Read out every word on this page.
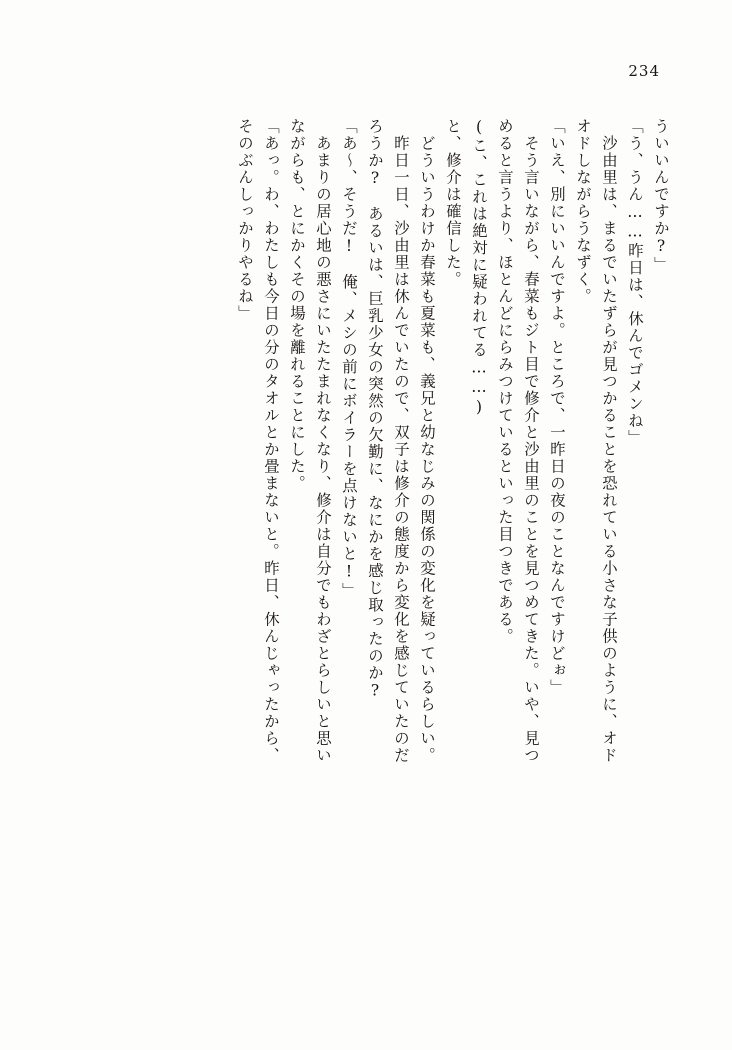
234
ういいんですか?」
「う、うん……昨日は、休んでゴメンね」
　沙由里は、まるでいたずらが見つかることを恐れている小さな子供のように、オド
オドしながらうなずく。
「いえ、別にいいんですよ。ところで、一昨日の夜のことなんですけどぉ」
　そう言いながら、春菜もジト目で修介と沙由里のことを見つめてきた。いや、見つ
めると言うより、ほとんどにらみつけているといった目つきである。
(こ、これは絶対に疑われてる……)
と、修介は確信した。
　どういうわけか春菜も夏菜も、義兄と幼なじみの関係の変化を疑っているらしい。
　昨日一日、沙由里は休んでいたので、双子は修介の態度から変化を感じていたのだ
ろうか?　あるいは、巨乳少女の突然の欠勤に、なにかを感じ取ったのか?
「あ～、そうだ!　俺、メシの前にボイラーを点けないと!」
　あまりの居心地の悪さにいたたまれなくなり、修介は自分でもわざとらしいと思い
ながらも、とにかくその場を離れることにした。
「あっ。わ、わたしも今日の分のタオルとか畳まないと。昨日、休んじゃったから、
そのぶんしっかりやるね」
